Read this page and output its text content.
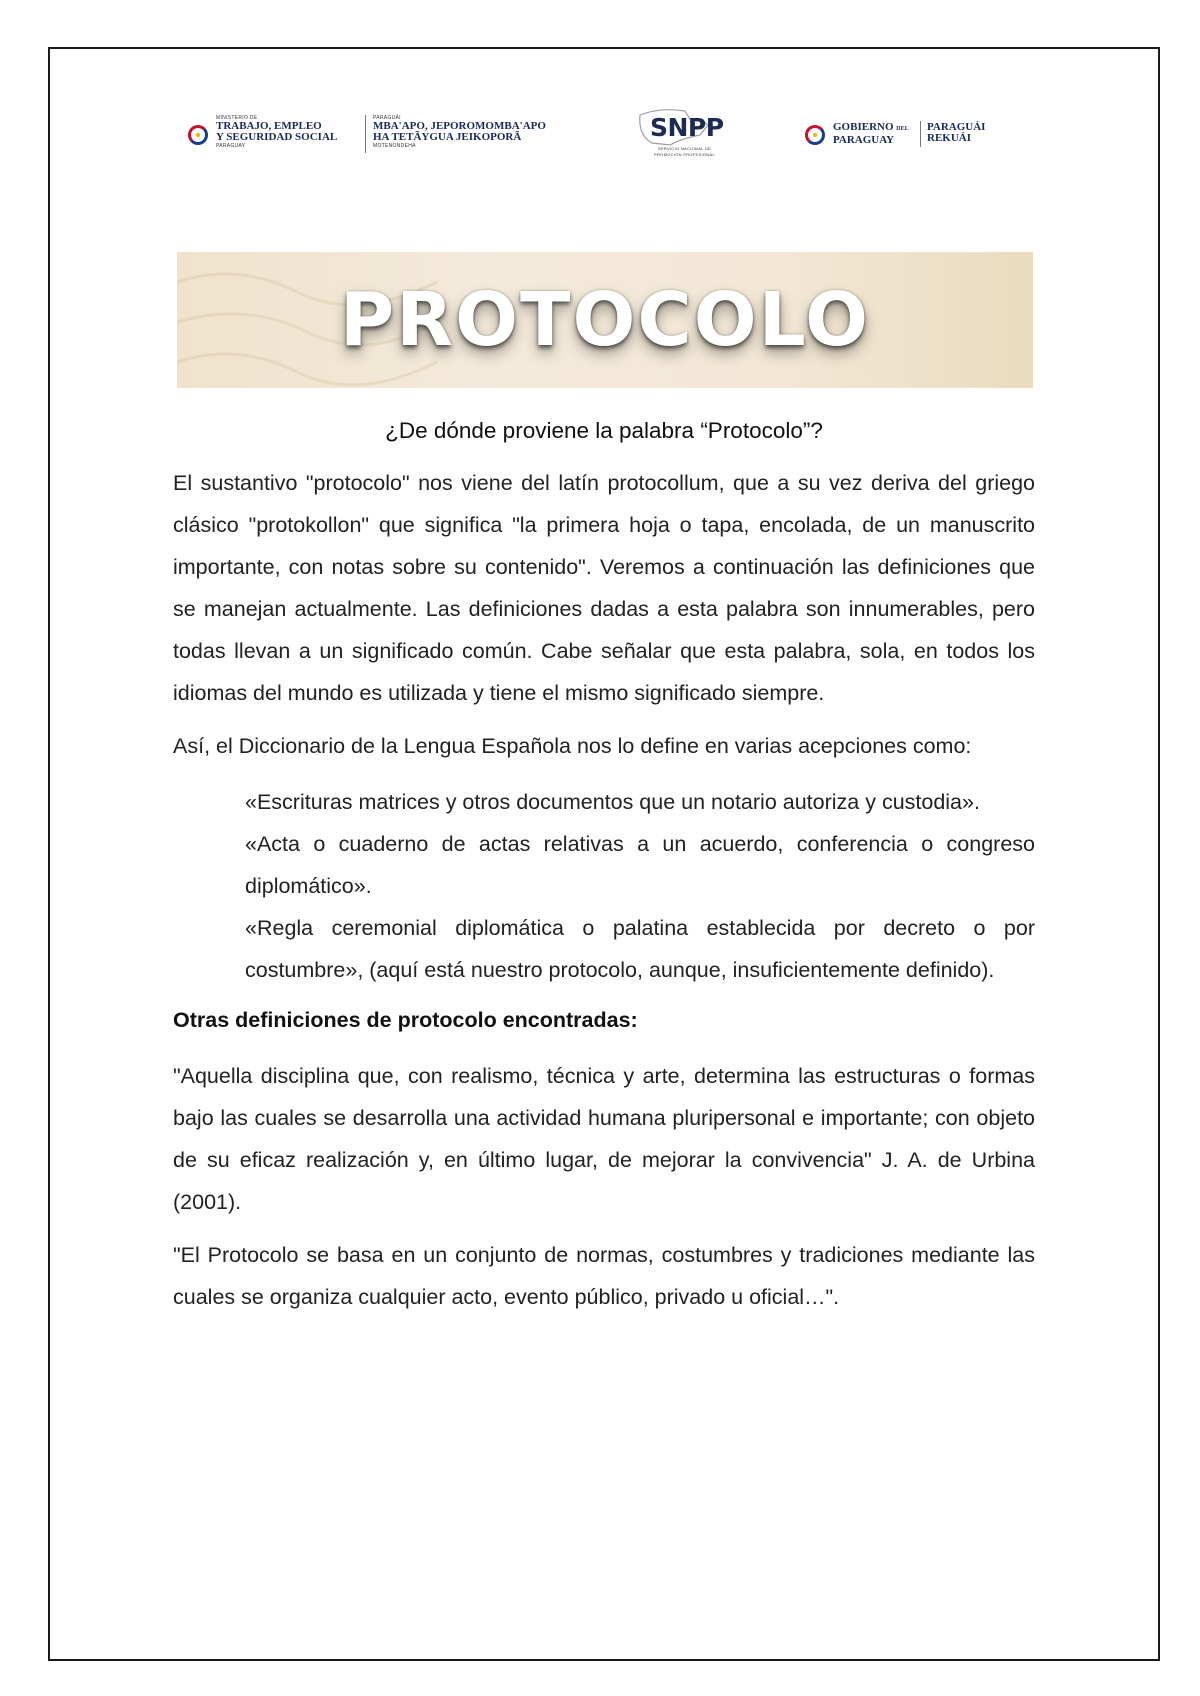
MINISTERIO DE
TRABAJO, EMPLEO
Y SEGURIDAD SOCIAL
PARAGUAY
PARAGUÁI
MBA'APO, JEPOROMOMBA'APO
HA TETÃYGUA JEIKOPORÃ
MOTENONDEHA
SNPP
SERVICIO NACIONAL DE
PROMOCIÓN PROFESIONAL
GOBIERNO DEL
PARAGUAY
PARAGUÁI
REKUÁI
PROTOCOLO

¿De dónde proviene la palabra “Protocolo”?

El sustantivo "protocolo" nos viene del latín protocollum, que a su vez deriva del griego clásico "protokollon" que significa "la primera hoja o tapa, encolada, de un manuscrito importante, con notas sobre su contenido". Veremos a continuación las definiciones que se manejan actualmente. Las definiciones dadas a esta palabra son innumerables, pero todas llevan a un significado común. Cabe señalar que esta palabra, sola, en todos los idiomas del mundo es utilizada y tiene el mismo significado siempre.

Así, el Diccionario de la Lengua Española nos lo define en varias acepciones como:

«Escrituras matrices y otros documentos que un notario autoriza y custodia».
«Acta o cuaderno de actas relativas a un acuerdo, conferencia o congreso diplomático».
«Regla ceremonial diplomática o palatina establecida por decreto o por costumbre», (aquí está nuestro protocolo, aunque, insuficientemente definido).

Otras definiciones de protocolo encontradas:

"Aquella disciplina que, con realismo, técnica y arte, determina las estructuras o formas bajo las cuales se desarrolla una actividad humana pluripersonal e importante; con objeto de su eficaz realización y, en último lugar, de mejorar la convivencia" J. A. de Urbina (2001).

"El Protocolo se basa en un conjunto de normas, costumbres y tradiciones mediante las cuales se organiza cualquier acto, evento público, privado u oficial…".
